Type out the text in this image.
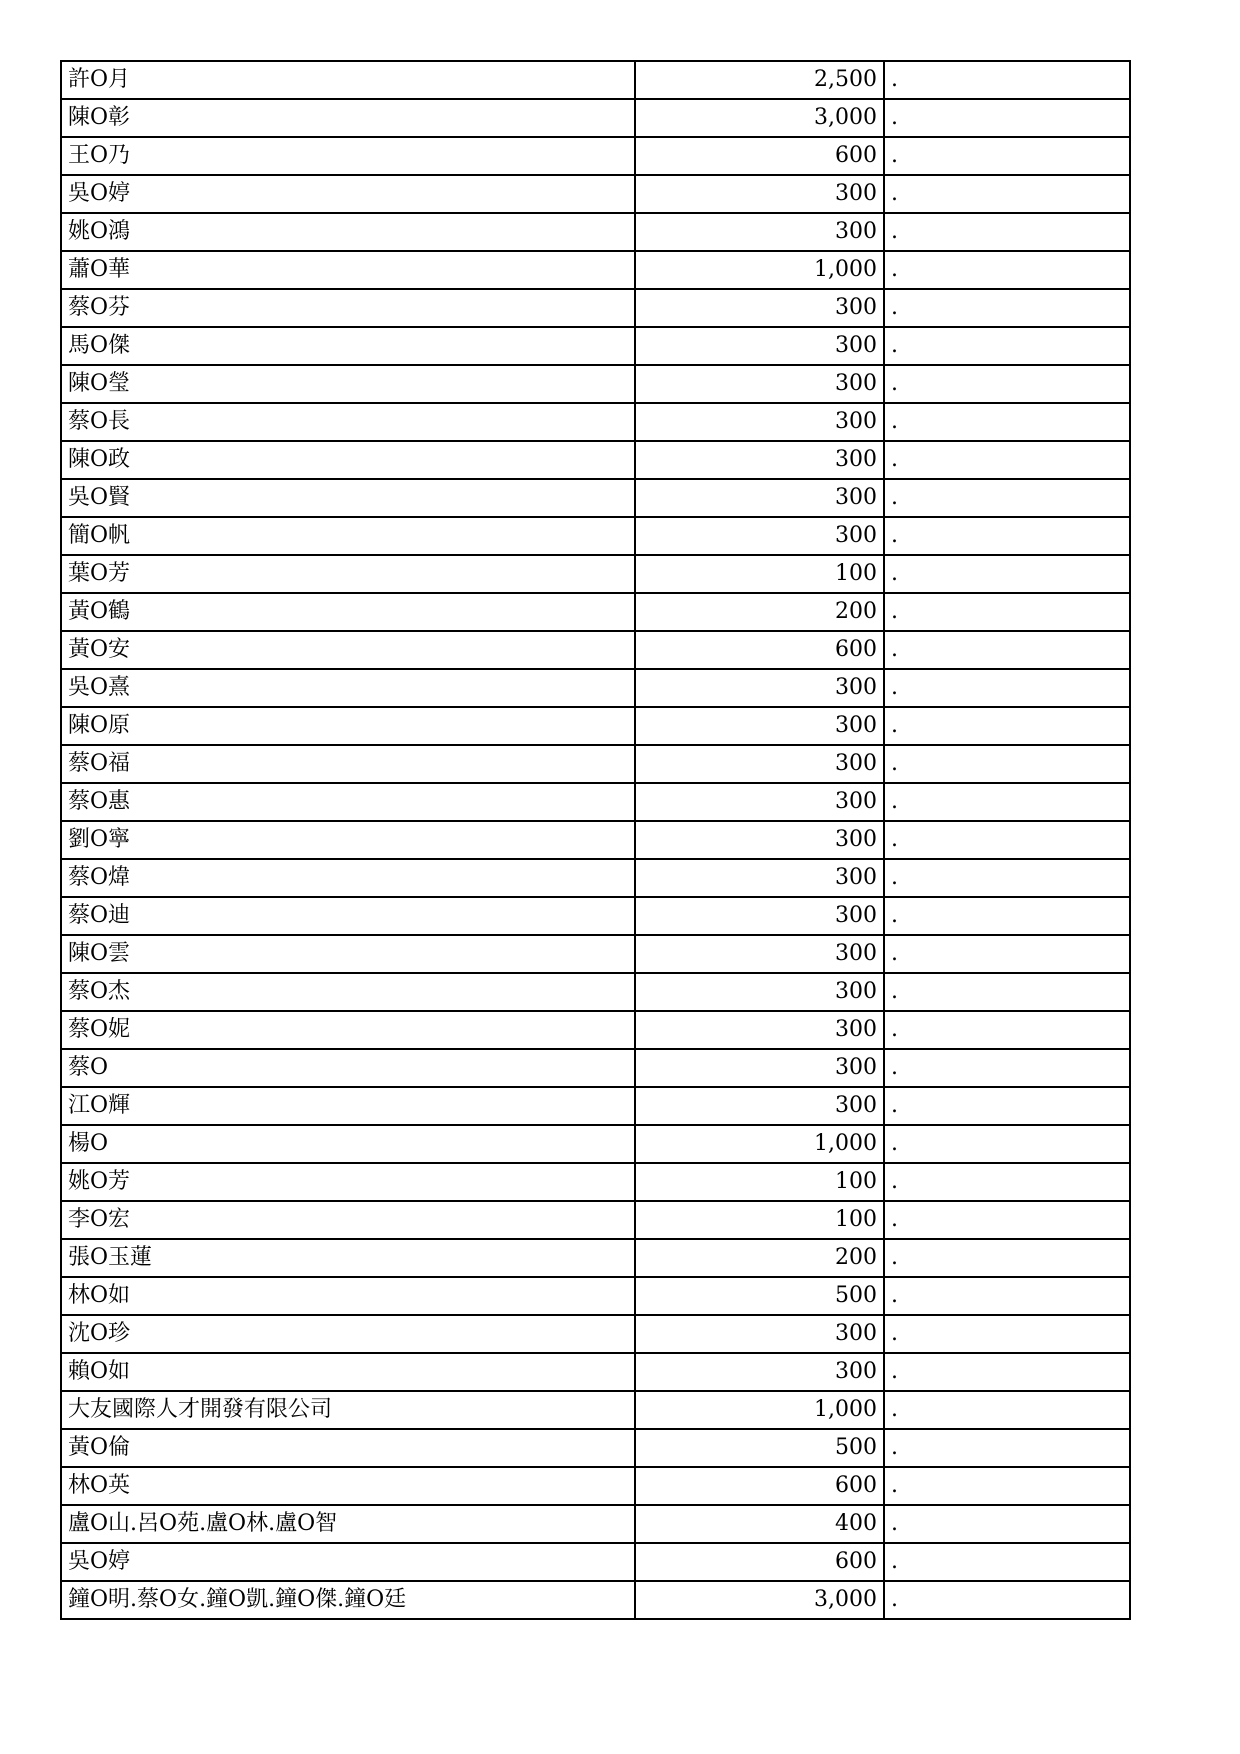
許O月	2,500	.
陳O彰	3,000	.
王O乃	600	.
吳O婷	300	.
姚O鴻	300	.
蕭O華	1,000	.
蔡O芬	300	.
馬O傑	300	.
陳O瑩	300	.
蔡O長	300	.
陳O政	300	.
吳O賢	300	.
簡O帆	300	.
葉O芳	100	.
黃O鶴	200	.
黃O安	600	.
吳O熹	300	.
陳O原	300	.
蔡O福	300	.
蔡O惠	300	.
劉O寧	300	.
蔡O煒	300	.
蔡O迪	300	.
陳O雲	300	.
蔡O杰	300	.
蔡O妮	300	.
蔡O	300	.
江O輝	300	.
楊O	1,000	.
姚O芳	100	.
李O宏	100	.
張O玉蓮	200	.
林O如	500	.
沈O珍	300	.
賴O如	300	.
大友國際人才開發有限公司	1,000	.
黃O倫	500	.
林O英	600	.
盧O山.呂O苑.盧O林.盧O智	400	.
吳O婷	600	.
鐘O明.蔡O女.鐘O凱.鐘O傑.鐘O廷	3,000	.
